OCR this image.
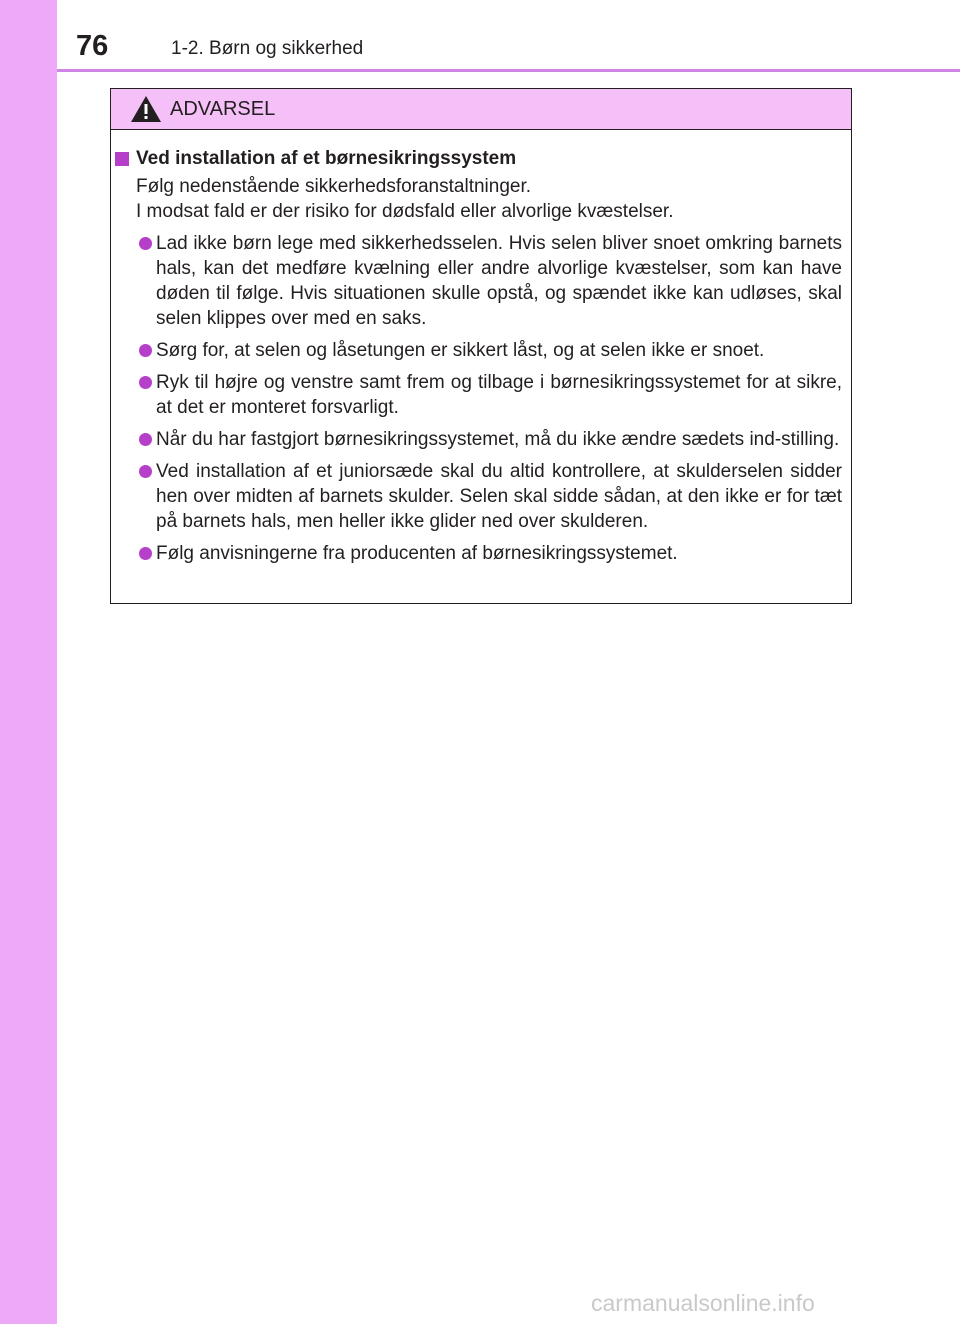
76	1-2. Børn og sikkerhed
ADVARSEL
Ved installation af et børnesikringssystem
Følg nedenstående sikkerhedsforanstaltninger.
I modsat fald er der risiko for dødsfald eller alvorlige kvæstelser.
Lad ikke børn lege med sikkerhedsselen. Hvis selen bliver snoet omkring barnets hals, kan det medføre kvælning eller andre alvorlige kvæstelser, som kan have døden til følge. Hvis situationen skulle opstå, og spændet ikke kan udløses, skal selen klippes over med en saks.
Sørg for, at selen og låsetungen er sikkert låst, og at selen ikke er snoet.
Ryk til højre og venstre samt frem og tilbage i børnesikringssystemet for at sikre, at det er monteret forsvarligt.
Når du har fastgjort børnesikringssystemet, må du ikke ændre sædets ind-stilling.
Ved installation af et juniorsæde skal du altid kontrollere, at skulderselen sidder hen over midten af barnets skulder. Selen skal sidde sådan, at den ikke er for tæt på barnets hals, men heller ikke glider ned over skulderen.
Følg anvisningerne fra producenten af børnesikringssystemet.
carmanualsonline.info
